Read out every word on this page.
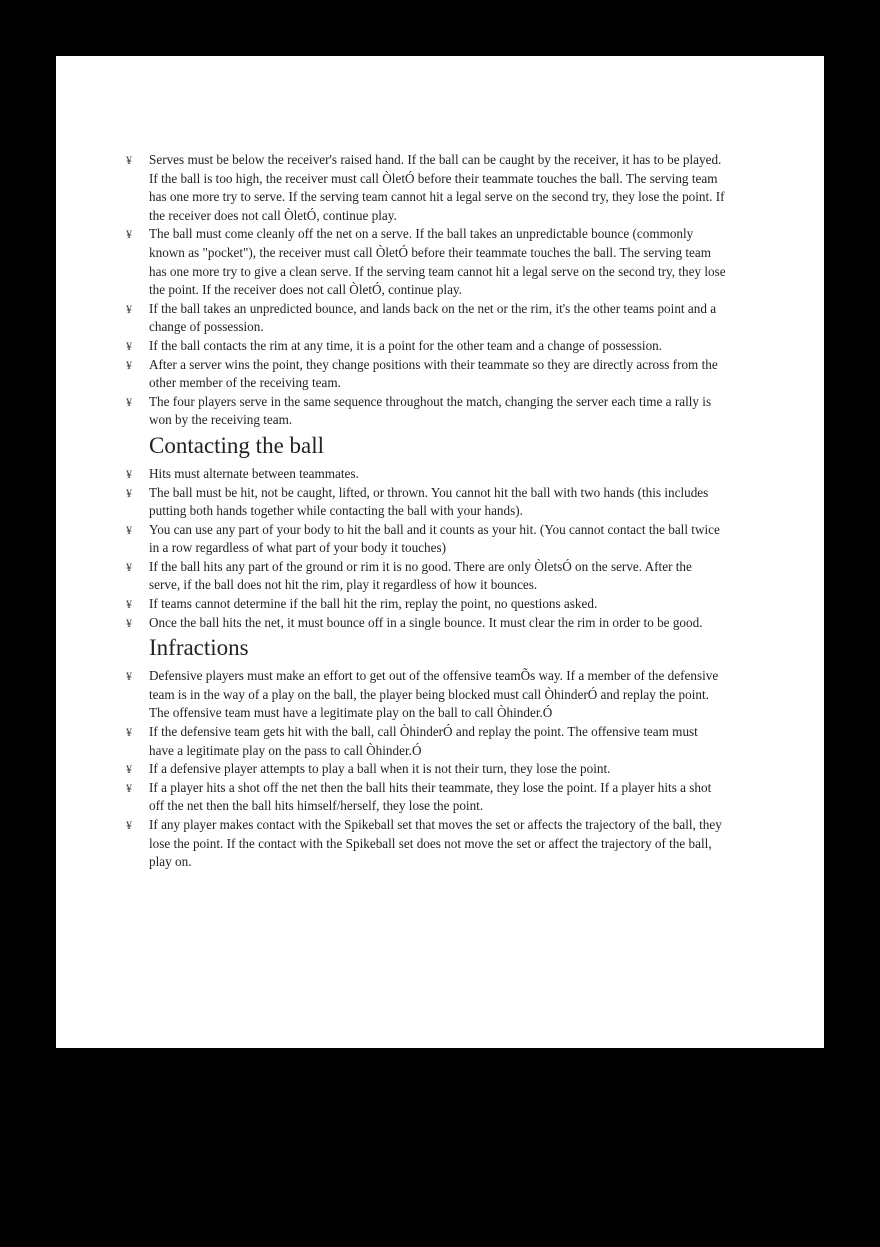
¥ Serves must be below the receiver's raised hand. If the ball can be caught by the receiver, it has to be played. If the ball is too high, the receiver must call ÒletÓ before their teammate touches the ball. The serving team has one more try to serve. If the serving team cannot hit a legal serve on the second try, they lose the point. If the receiver does not call ÒletÓ, continue play.
¥ The ball must come cleanly off the net on a serve. If the ball takes an unpredictable bounce (commonly known as "pocket"), the receiver must call ÒletÓ before their teammate touches the ball. The serving team has one more try to give a clean serve. If the serving team cannot hit a legal serve on the second try, they lose the point. If the receiver does not call ÒletÓ, continue play.
¥ If the ball takes an unpredicted bounce, and lands back on the net or the rim, it's the other teams point and a change of possession.
¥ If the ball contacts the rim at any time, it is a point for the other team and a change of possession.
¥ After a server wins the point, they change positions with their teammate so they are directly across from the other member of the receiving team.
¥ The four players serve in the same sequence throughout the match, changing the server each time a rally is won by the receiving team.
Contacting the ball
¥ Hits must alternate between teammates.
¥ The ball must be hit, not be caught, lifted, or thrown. You cannot hit the ball with two hands (this includes putting both hands together while contacting the ball with your hands).
¥ You can use any part of your body to hit the ball and it counts as your hit. (You cannot contact the ball twice in a row regardless of what part of your body it touches)
¥ If the ball hits any part of the ground or rim it is no good. There are only ÒletsÓ on the serve. After the serve, if the ball does not hit the rim, play it regardless of how it bounces.
¥ If teams cannot determine if the ball hit the rim, replay the point, no questions asked.
¥ Once the ball hits the net, it must bounce off in a single bounce. It must clear the rim in order to be good.
Infractions
¥ Defensive players must make an effort to get out of the offensive teamÕs way. If a member of the defensive team is in the way of a play on the ball, the player being blocked must call ÒhinderÓ and replay the point. The offensive team must have a legitimate play on the ball to call Òhinder.Ó
¥ If the defensive team gets hit with the ball, call ÒhinderÓ and replay the point. The offensive team must have a legitimate play on the pass to call Òhinder.Ó
¥ If a defensive player attempts to play a ball when it is not their turn, they lose the point.
¥ If a player hits a shot off the net then the ball hits their teammate, they lose the point. If a player hits a shot off the net then the ball hits himself/herself, they lose the point.
¥ If any player makes contact with the Spikeball set that moves the set or affects the trajectory of the ball, they lose the point. If the contact with the Spikeball set does not move the set or affect the trajectory of the ball, play on.
